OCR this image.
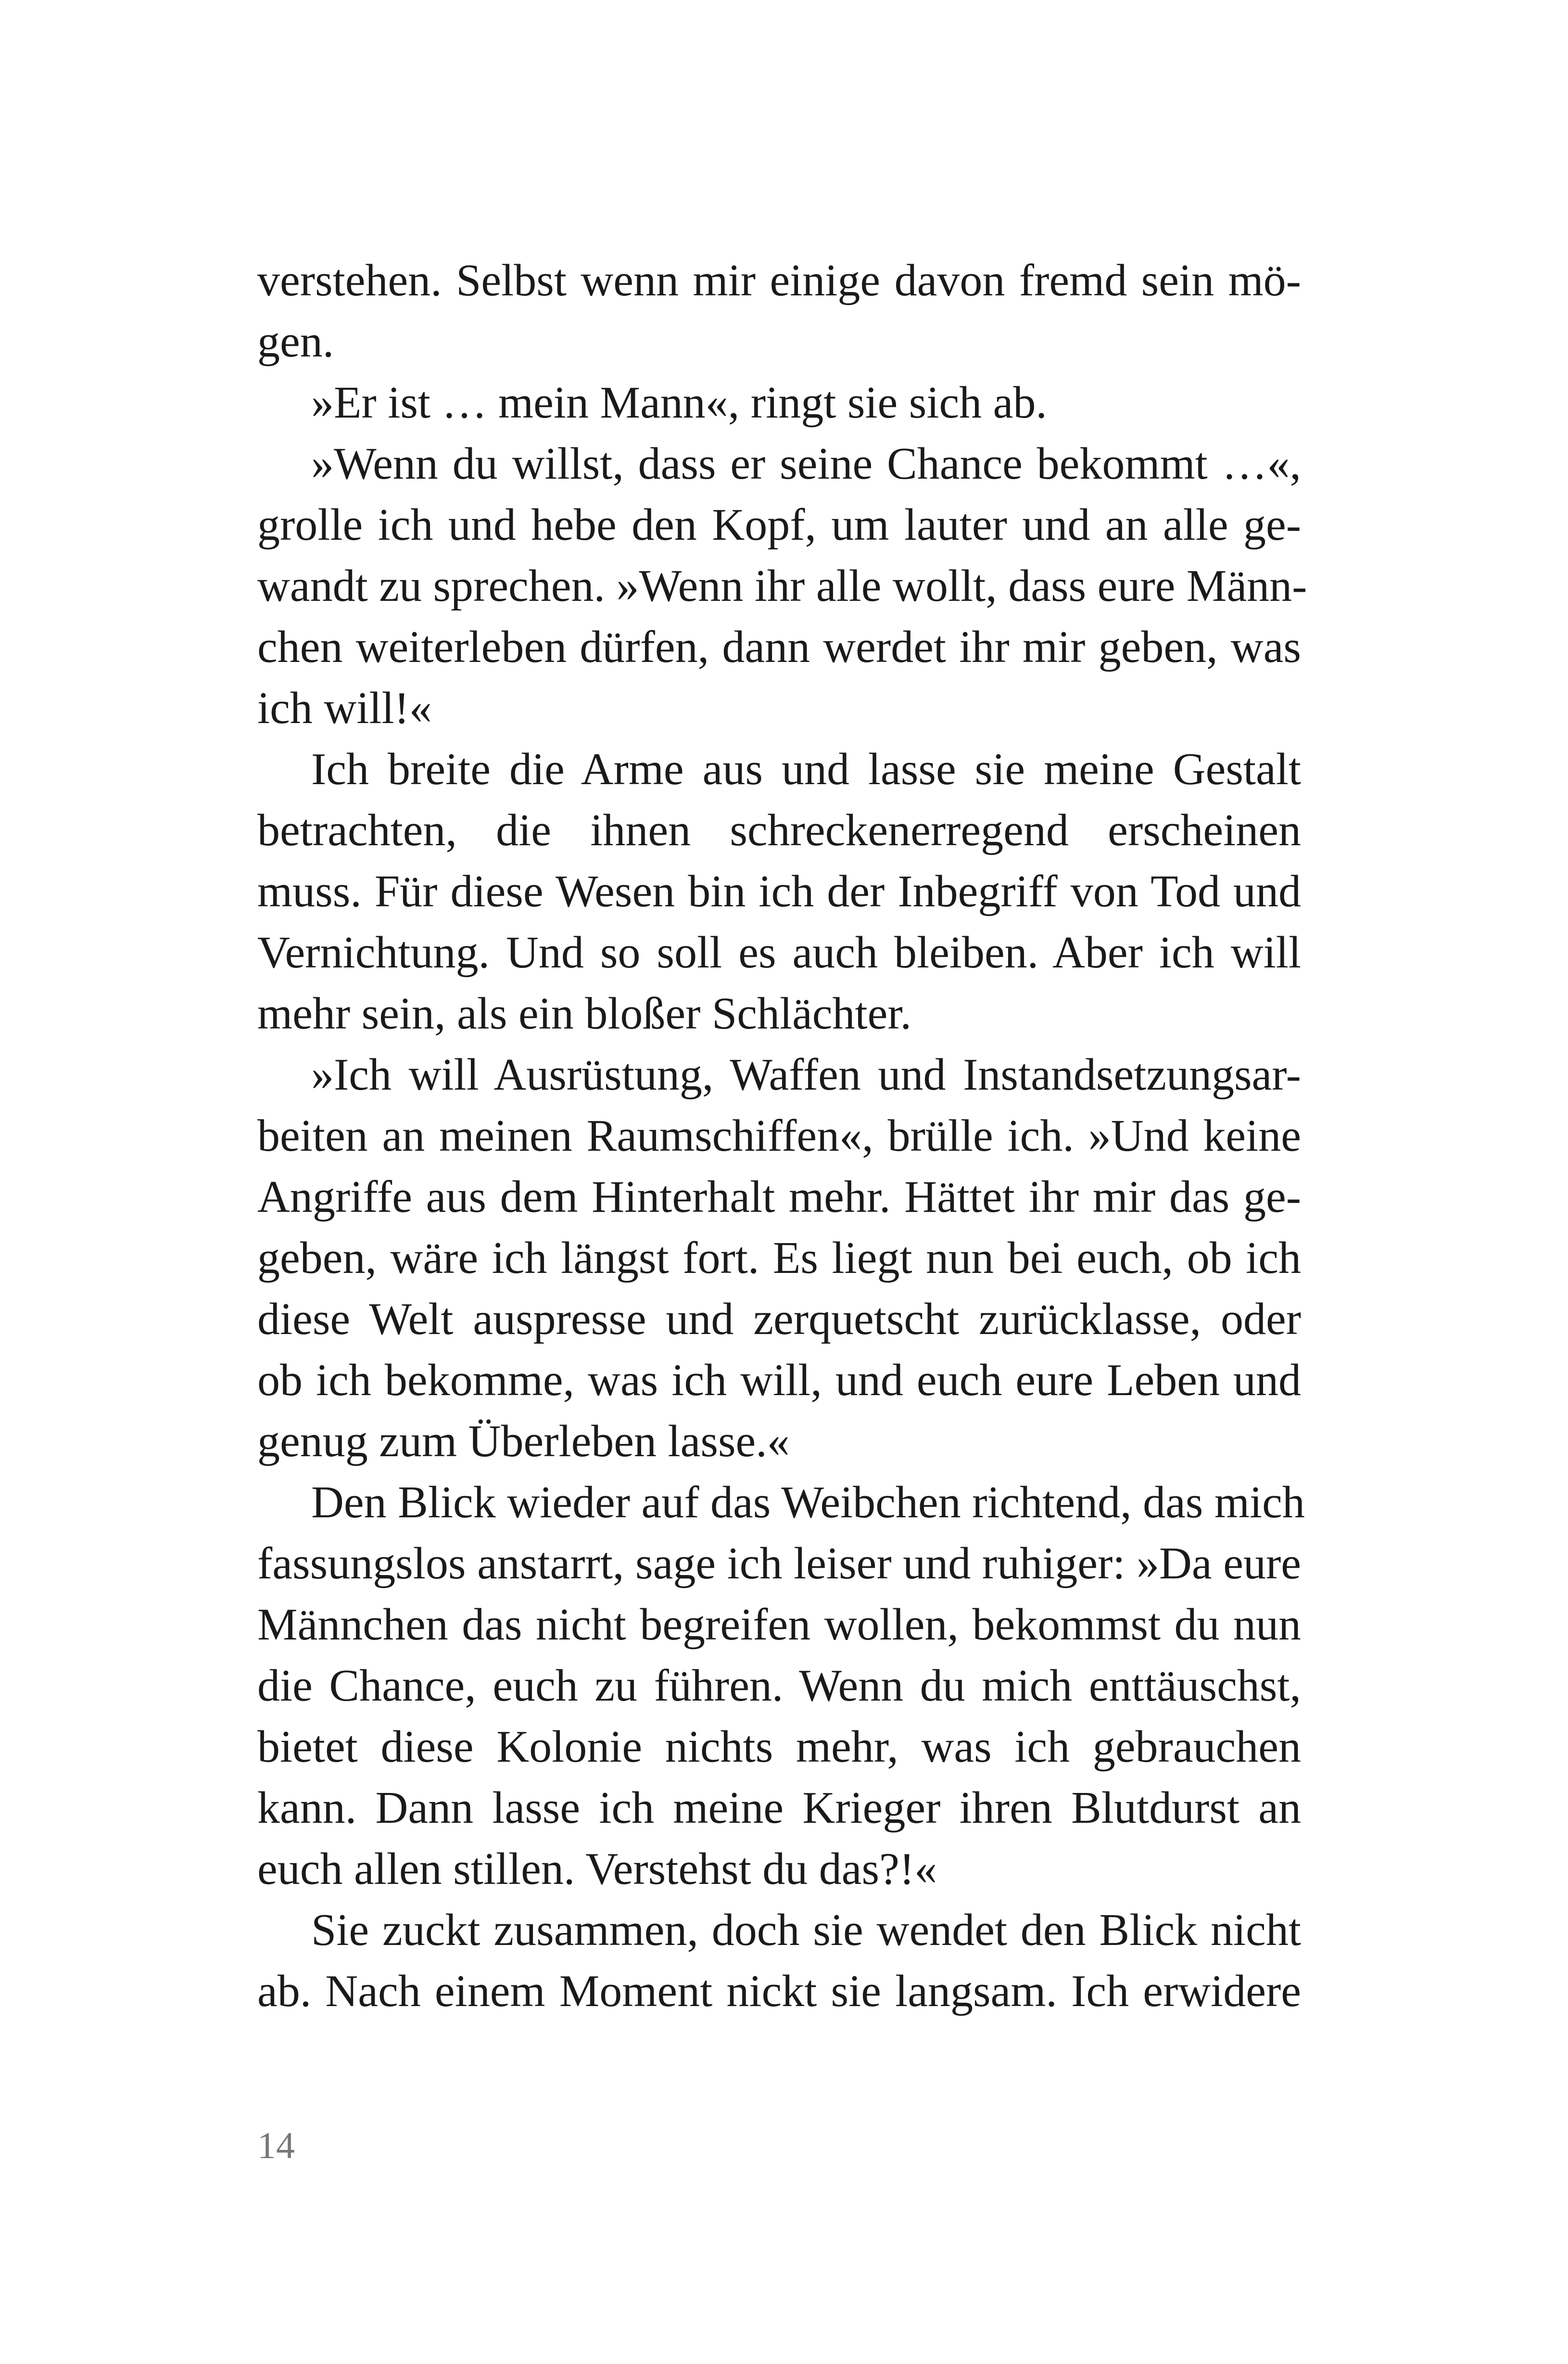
verstehen. Selbst wenn mir einige davon fremd sein mö-
gen.
»Er ist … mein Mann«, ringt sie sich ab.
»Wenn du willst, dass er seine Chance bekommt …«,
grolle ich und hebe den Kopf, um lauter und an alle ge-
wandt zu sprechen. »Wenn ihr alle wollt, dass eure Männ-
chen weiterleben dürfen, dann werdet ihr mir geben, was
ich will!«
Ich breite die Arme aus und lasse sie meine Gestalt
betrachten, die ihnen schreckenerregend erscheinen
muss. Für diese Wesen bin ich der Inbegriff von Tod und
Vernichtung. Und so soll es auch bleiben. Aber ich will
mehr sein, als ein bloßer Schlächter.
»Ich will Ausrüstung, Waffen und Instandsetzungsar-
beiten an meinen Raumschiffen«, brülle ich. »Und keine
Angriffe aus dem Hinterhalt mehr. Hättet ihr mir das ge-
geben, wäre ich längst fort. Es liegt nun bei euch, ob ich
diese Welt auspresse und zerquetscht zurücklasse, oder
ob ich bekomme, was ich will, und euch eure Leben und
genug zum Überleben lasse.«
Den Blick wieder auf das Weibchen richtend, das mich
fassungslos anstarrt, sage ich leiser und ruhiger: »Da eure
Männchen das nicht begreifen wollen, bekommst du nun
die Chance, euch zu führen. Wenn du mich enttäuschst,
bietet diese Kolonie nichts mehr, was ich gebrauchen
kann. Dann lasse ich meine Krieger ihren Blutdurst an
euch allen stillen. Verstehst du das?!«
Sie zuckt zusammen, doch sie wendet den Blick nicht
ab. Nach einem Moment nickt sie langsam. Ich erwidere
14
